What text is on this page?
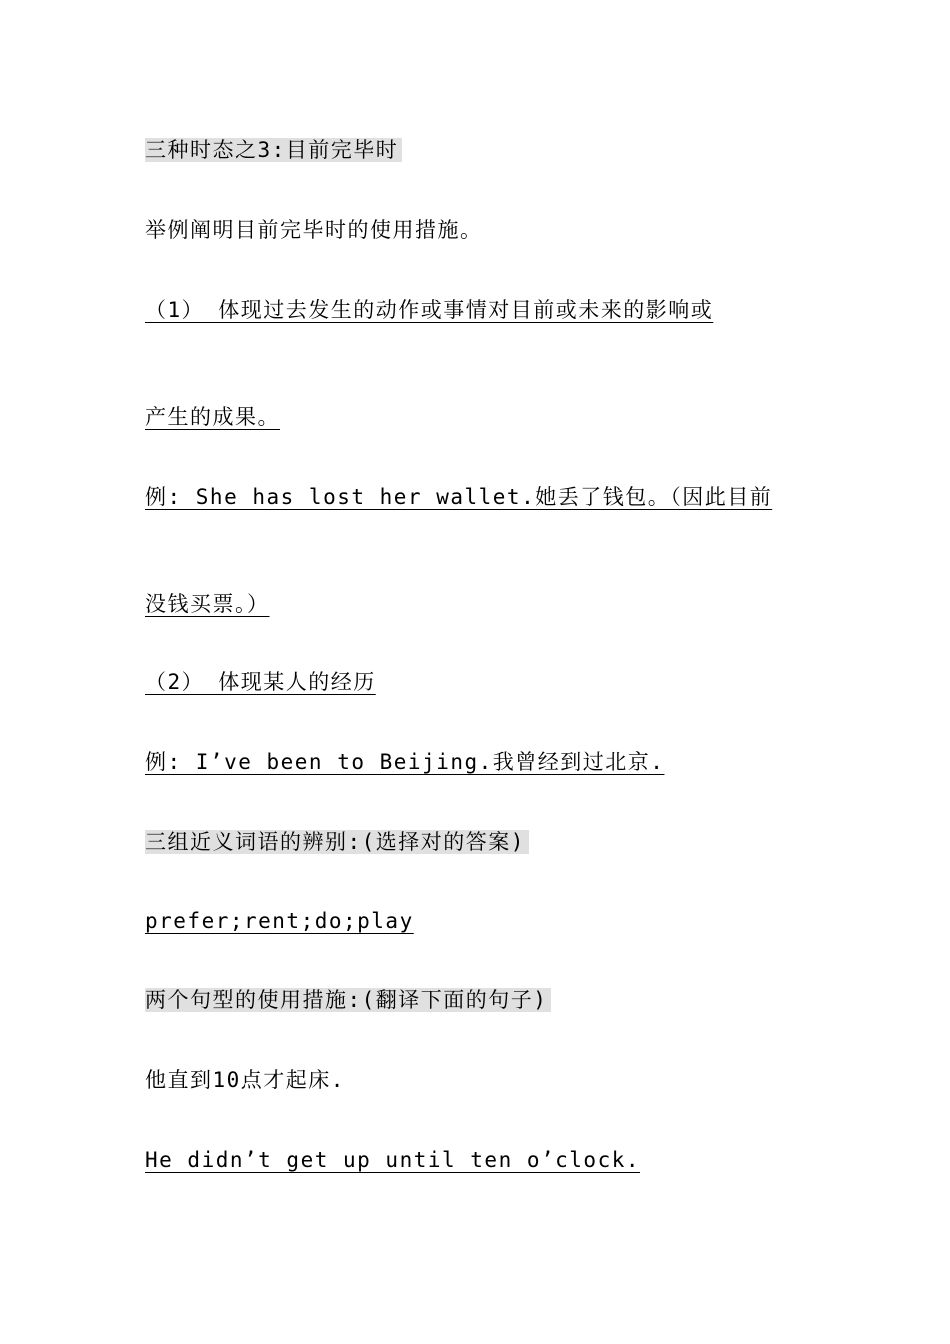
三种时态之3:目前完毕时
举例阐明目前完毕时的使用措施。
（1） 体现过去发生的动作或事情对目前或未来的影响或
产生的成果。
例: She has lost her wallet.她丢了钱包。（因此目前
没钱买票。）
（2） 体现某人的经历
例: I’ve been to Beijing.我曾经到过北京.
三组近义词语的辨别:(选择对的答案)
prefer;rent;do;play
两个句型的使用措施:(翻译下面的句子)
他直到10点才起床.
He didn’t get up until ten o’clock.
